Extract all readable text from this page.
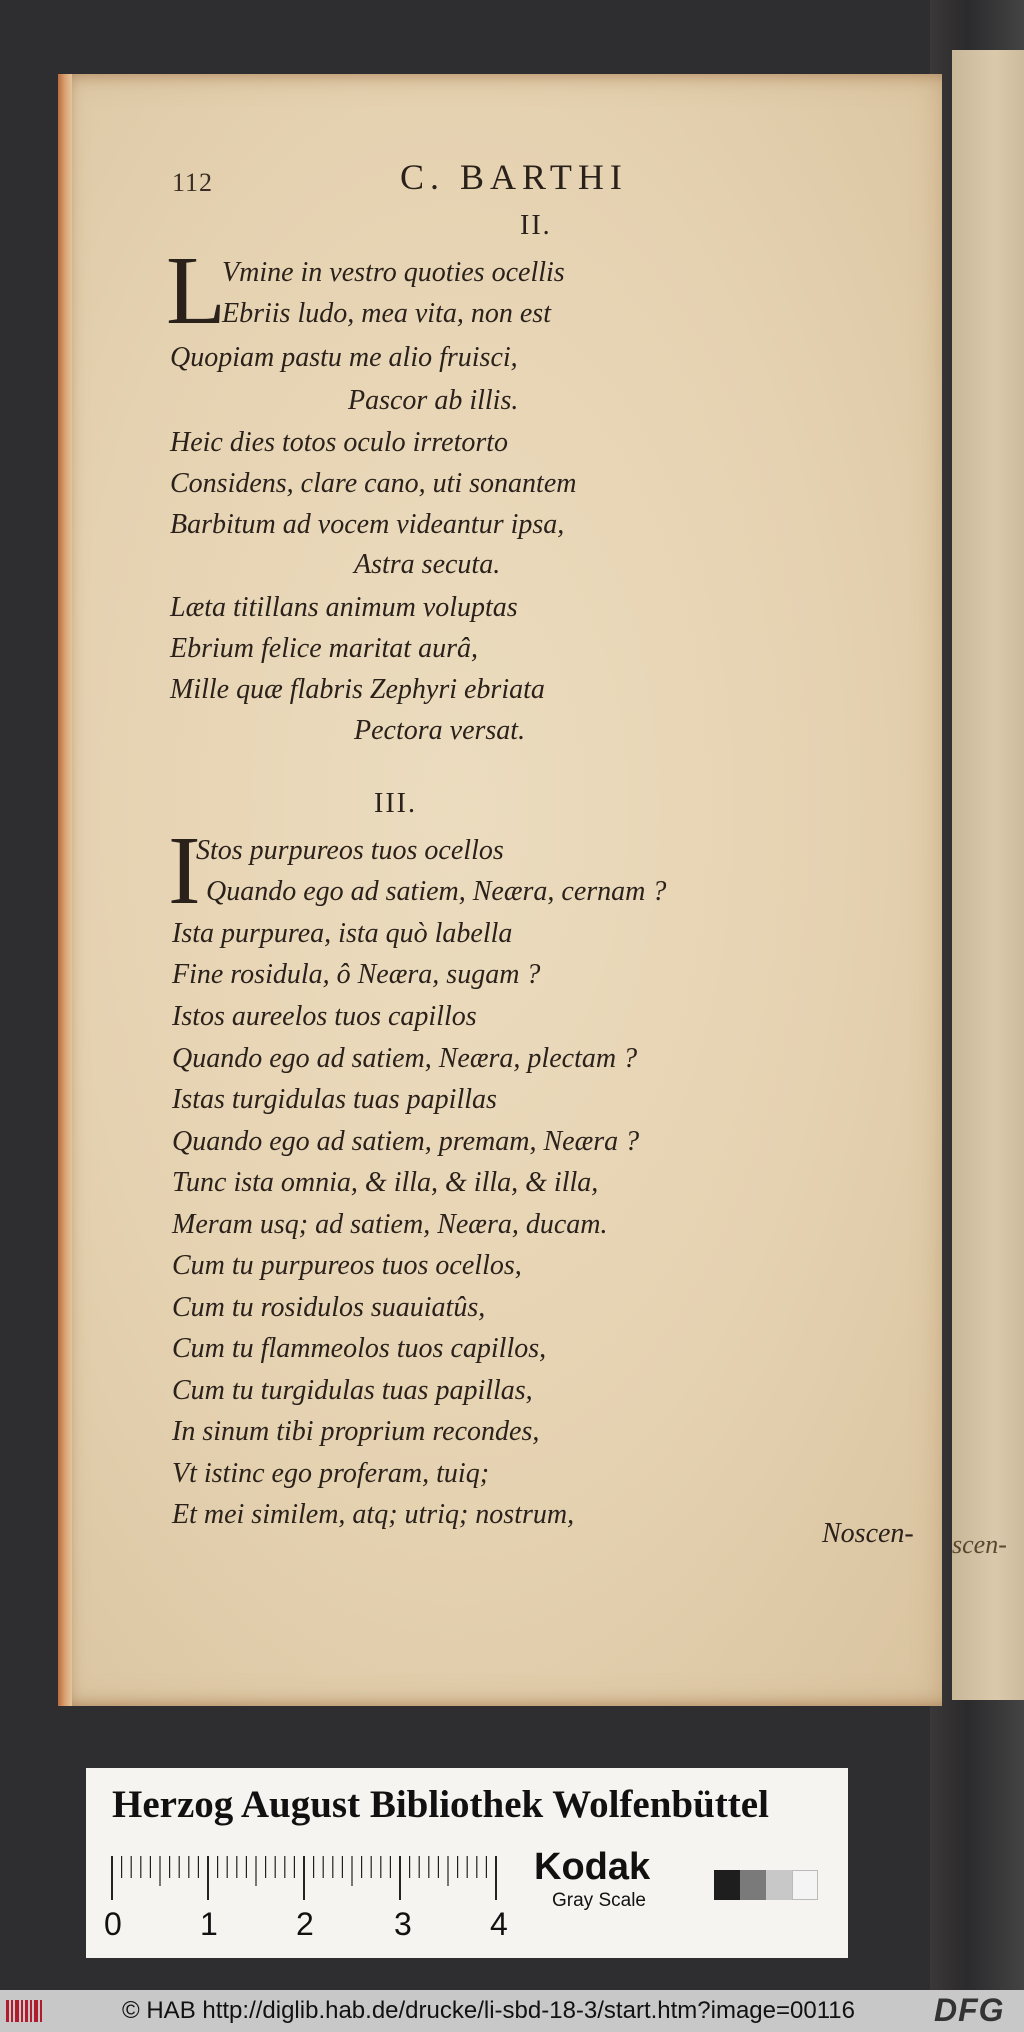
scen-
112	C. BARTHI
II.
L
Vmine in vestro quoties ocellis
Ebriis ludo, mea vita, non est
Quopiam pastu me alio fruisci,
Pascor ab illis.
Heic dies totos oculo irretorto
Considens, clare cano, uti sonantem
Barbitum ad vocem videantur ipsa,
Astra secuta.
Læta titillans animum voluptas
Ebrium felice maritat aurâ,
Mille quæ flabris Zephyri ebriata
Pectora versat.
III.
I
Stos purpureos tuos ocellos
Quando ego ad satiem, Neæra, cernam ?
Ista purpurea, ista quò labella
Fine rosidula, ô Neæra, sugam ?
Istos aureelos tuos capillos
Quando ego ad satiem, Neæra, plectam ?
Istas turgidulas tuas papillas
Quando ego ad satiem, premam, Neæra ?
Tunc ista omnia, & illa, & illa, & illa,
Meram usq; ad satiem, Neæra, ducam.
Cum tu purpureos tuos ocellos,
Cum tu rosidulos suauiatûs,
Cum tu flammeolos tuos capillos,
Cum tu turgidulas tuas papillas,
In sinum tibi proprium recondes,
Vt istinc ego proferam, tuiq;
Et mei similem, atq; utriq; nostrum,
Noscen-
Herzog August Bibliothek Wolfenbüttel
0 1 2	3 4
Kodak
Gray Scale
© HAB http://diglib.hab.de/drucke/li-sbd-18-3/start.htm?image=00116 DFG
